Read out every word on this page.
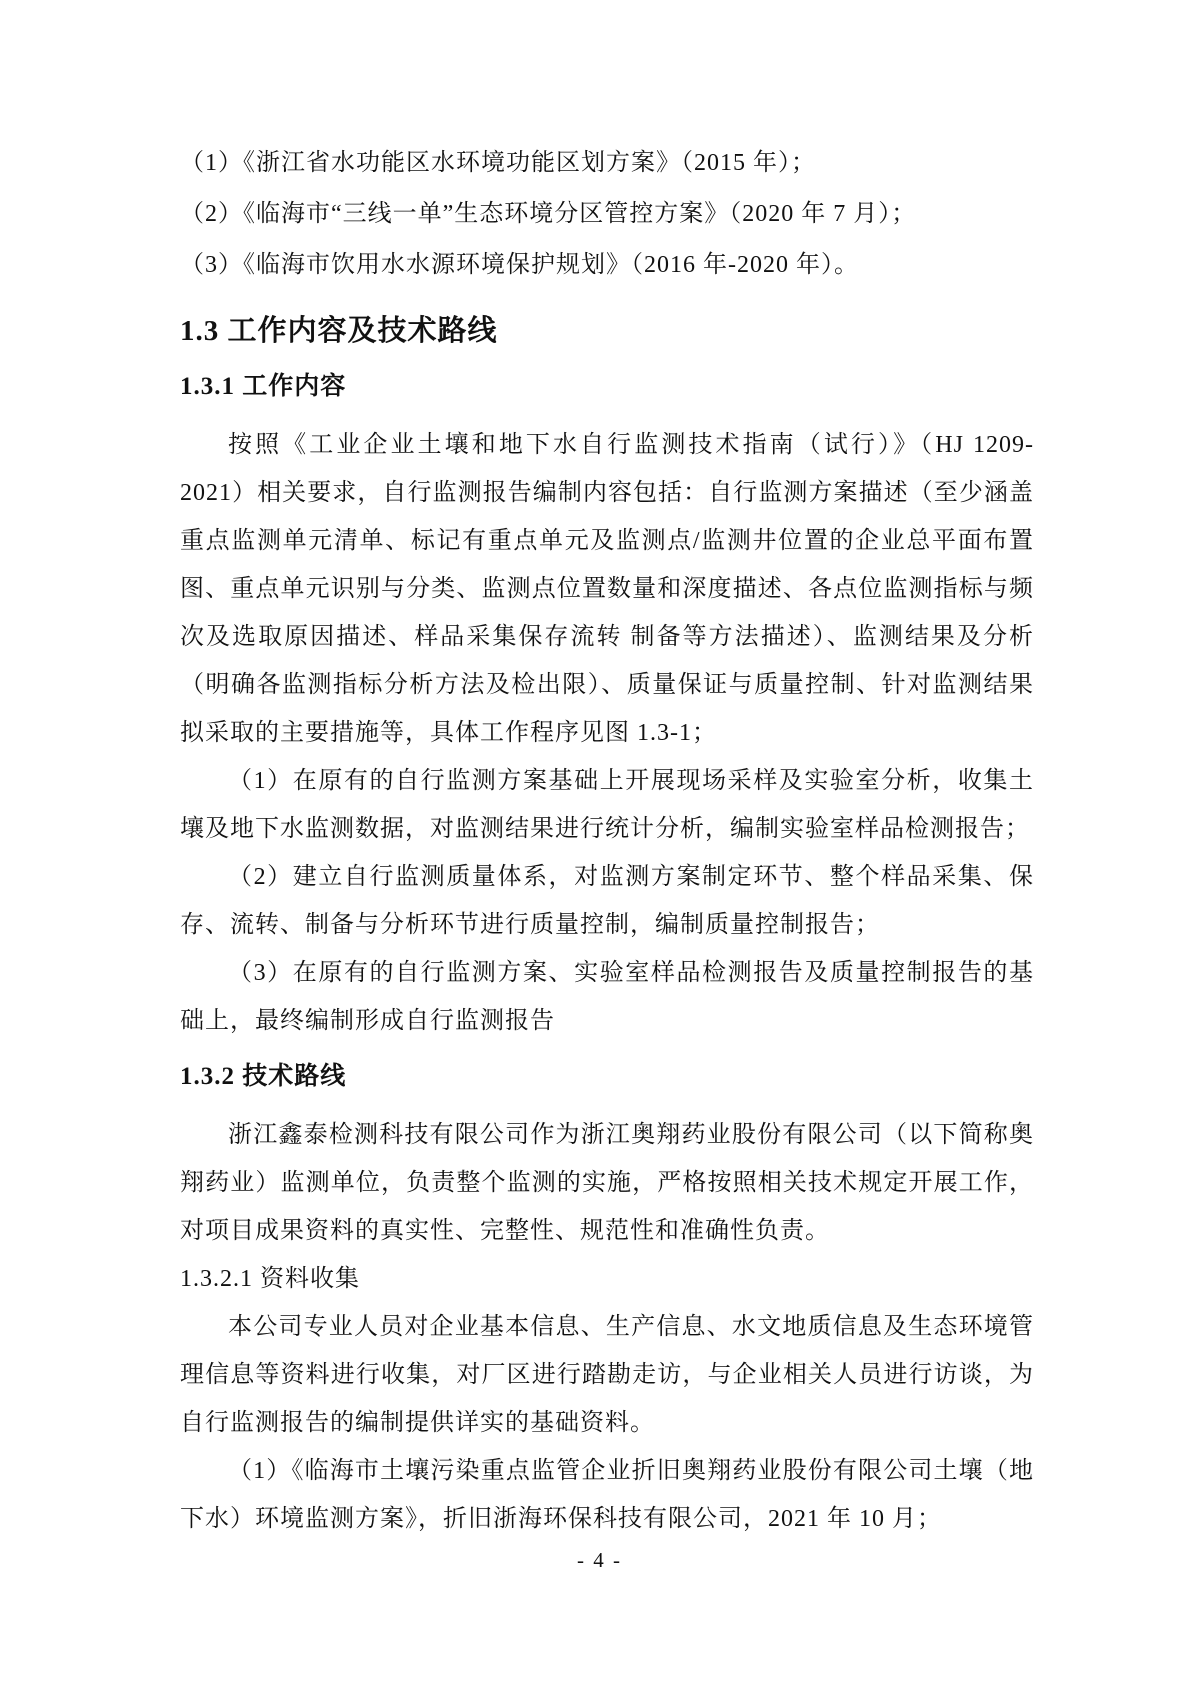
（1）《浙江省水功能区水环境功能区划方案》（2015 年）；
（2）《临海市“三线一单”生态环境分区管控方案》（2020 年 7 月）；
（3）《临海市饮用水水源环境保护规划》（2016 年-2020 年）。
1.3 工作内容及技术路线
1.3.1 工作内容

按照《工业企业土壤和地下水自行监测技术指南（试行）》（HJ 1209-2021）相关要求，自行监测报告编制内容包括：自行监测方案描述（至少涵盖重点监测单元清单、标记有重点单元及监测点/监测井位置的企业总平面布置图、重点单元识别与分类、监测点位置数量和深度描述、各点位监测指标与频次及选取原因描述、样品采集保存流转 制备等方法描述）、监测结果及分析（明确各监测指标分析方法及检出限）、质量保证与质量控制、针对监测结果拟采取的主要措施等，具体工作程序见图 1.3-1；

（1）在原有的自行监测方案基础上开展现场采样及实验室分析，收集土壤及地下水监测数据，对监测结果进行统计分析，编制实验室样品检测报告；

（2）建立自行监测质量体系，对监测方案制定环节、整个样品采集、保存、流转、制备与分析环节进行质量控制，编制质量控制报告；

（3）在原有的自行监测方案、实验室样品检测报告及质量控制报告的基础上，最终编制形成自行监测报告

1.3.2 技术路线

浙江鑫泰检测科技有限公司作为浙江奥翔药业股份有限公司（以下简称奥翔药业）监测单位，负责整个监测的实施，严格按照相关技术规定开展工作，对项目成果资料的真实性、完整性、规范性和准确性负责。

1.3.2.1 资料收集

本公司专业人员对企业基本信息、生产信息、水文地质信息及生态环境管理信息等资料进行收集，对厂区进行踏勘走访，与企业相关人员进行访谈，为自行监测报告的编制提供详实的基础资料。

（1）《临海市土壤污染重点监管企业折旧奥翔药业股份有限公司土壤（地下水）环境监测方案》，折旧浙海环保科技有限公司，2021 年 10 月；

- 4 -
